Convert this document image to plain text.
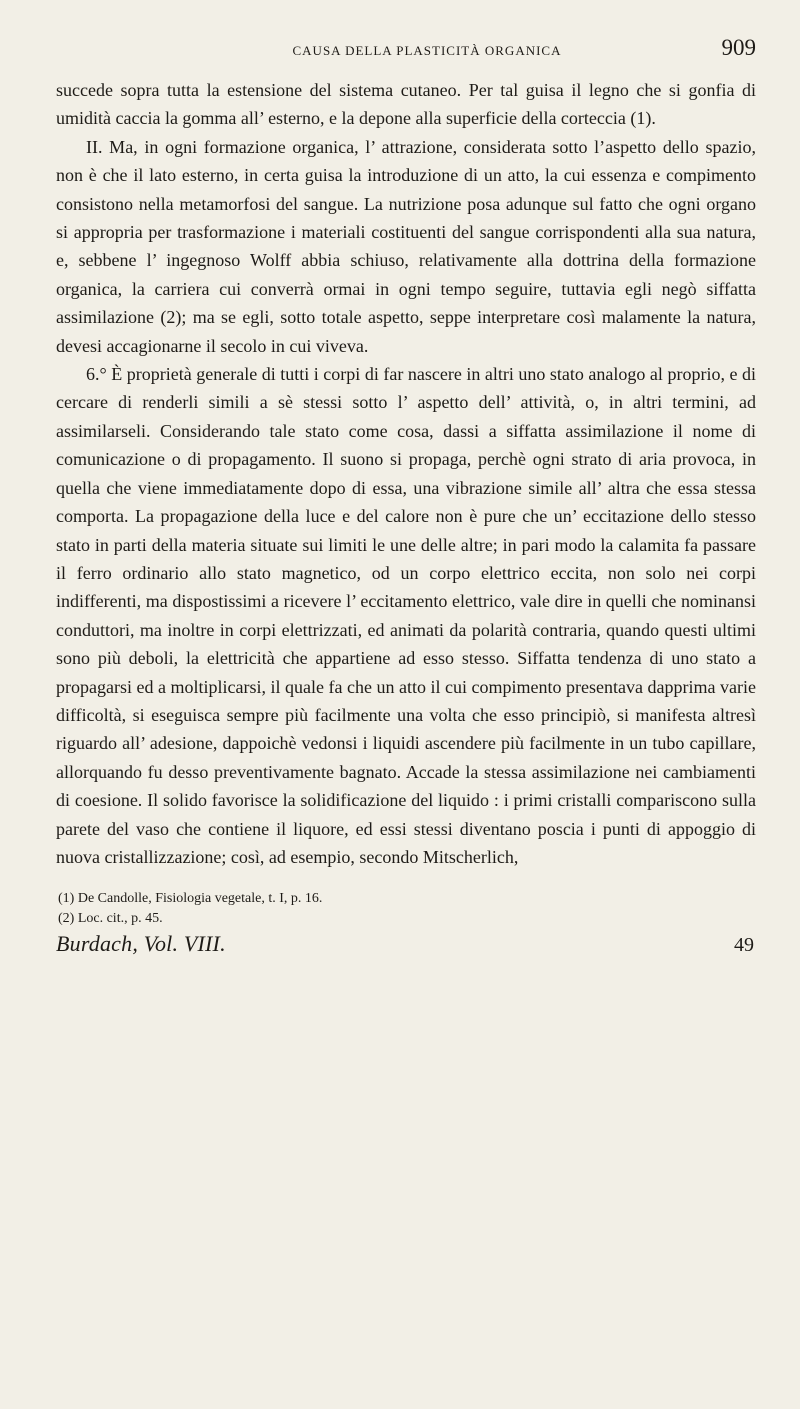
CAUSA DELLA PLASTICITÀ ORGANICA	909

succede sopra tutta la estensione del sistema cutaneo. Per tal guisa il legno che si gonfia di umidità caccia la gomma all’ esterno, e la depone alla superficie della corteccia (1).

II. Ma, in ogni formazione organica, l’ attrazione, considerata sotto l’aspetto dello spazio, non è che il lato esterno, in certa guisa la introduzione di un atto, la cui essenza e compimento consistono nella metamorfosi del sangue. La nutrizione posa adunque sul fatto che ogni organo si appropria per trasformazione i materiali costituenti del sangue corrispondenti alla sua natura, e, sebbene l’ ingegnoso Wolff abbia schiuso, relativamente alla dottrina della formazione organica, la carriera cui converrà ormai in ogni tempo seguire, tuttavia egli negò siffatta assimilazione (2); ma se egli, sotto totale aspetto, seppe interpretare così malamente la natura, devesi accagionarne il secolo in cui viveva.

6.° È proprietà generale di tutti i corpi di far nascere in altri uno stato analogo al proprio, e di cercare di renderli simili a sè stessi sotto l’ aspetto dell’ attività, o, in altri termini, ad assimilarseli. Considerando tale stato come cosa, dassi a siffatta assimilazione il nome di comunicazione o di propagamento. Il suono si propaga, perchè ogni strato di aria provoca, in quella che viene immediatamente dopo di essa, una vibrazione simile all’ altra che essa stessa comporta. La propagazione della luce e del calore non è pure che un’ eccitazione dello stesso stato in parti della materia situate sui limiti le une delle altre; in pari modo la calamita fa passare il ferro ordinario allo stato magnetico, od un corpo elettrico eccita, non solo nei corpi indifferenti, ma dispostissimi a ricevere l’ eccitamento elettrico, vale dire in quelli che nominansi conduttori, ma inoltre in corpi elettrizzati, ed animati da polarità contraria, quando questi ultimi sono più deboli, la elettricità che appartiene ad esso stesso. Siffatta tendenza di uno stato a propagarsi ed a moltiplicarsi, il quale fa che un atto il cui compimento presentava dapprima varie difficoltà, si eseguisca sempre più facilmente una volta che esso principiò, si manifesta altresì riguardo all’ adesione, dappoichè vedonsi i liquidi ascendere più facilmente in un tubo capillare, allorquando fu desso preventivamente bagnato. Accade la stessa assimilazione nei cambiamenti di coesione. Il solido favorisce la solidificazione del liquido : i primi cristalli compariscono sulla parete del vaso che contiene il liquore, ed essi stessi diventano poscia i punti di appoggio di nuova cristallizzazione; così, ad esempio, secondo Mitscherlich,

(1) De Candolle, Fisiologia vegetale, t. I, p. 16.

(2) Loc. cit., p. 45.

Burdach, Vol. VIII.	49
